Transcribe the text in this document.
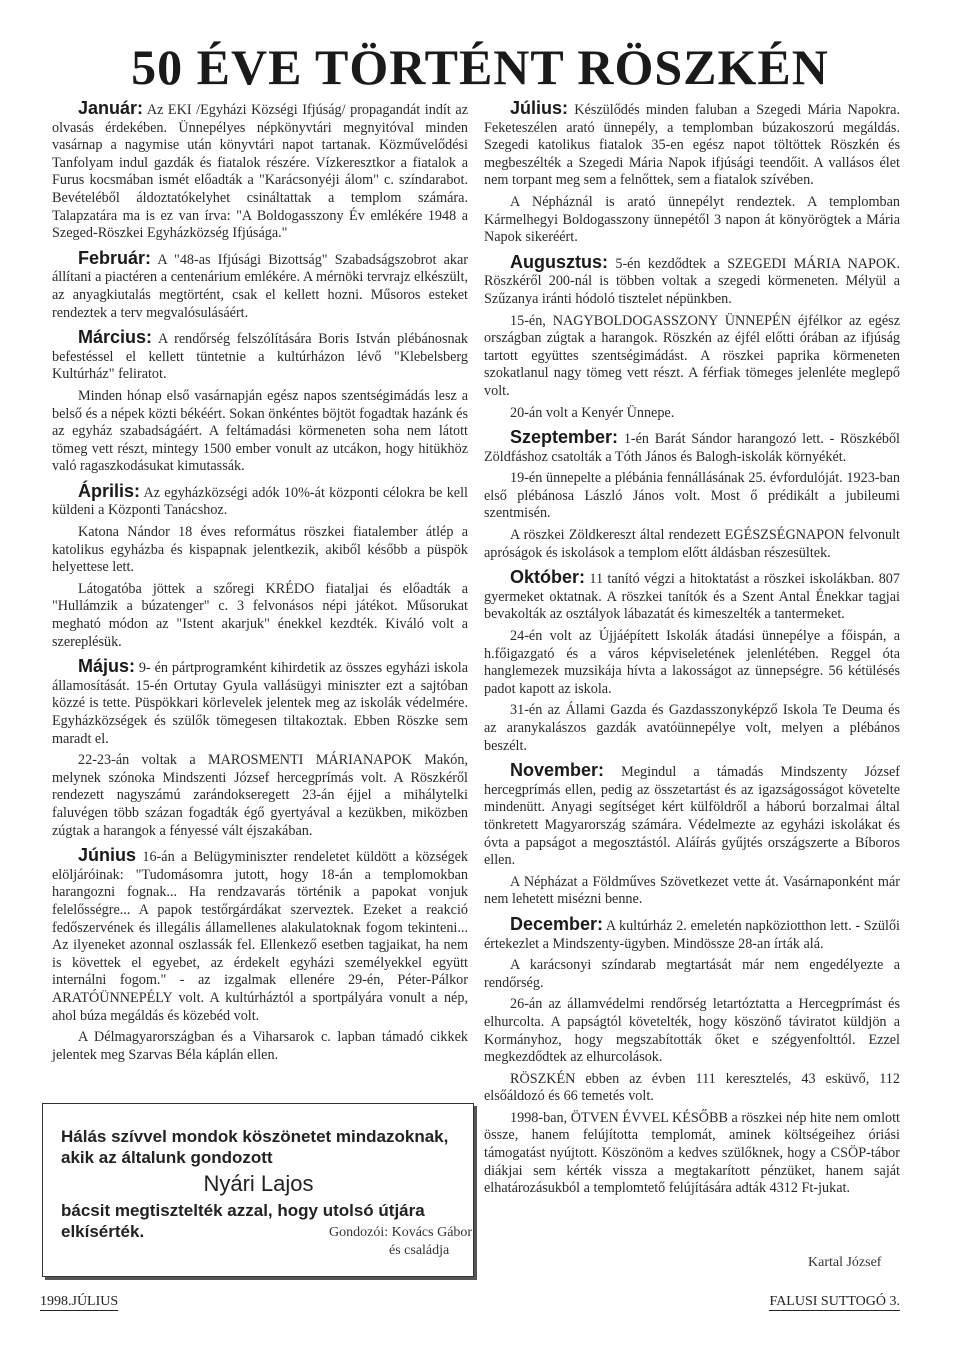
50 ÉVE TÖRTÉNT RÖSZKÉN

Január: Az EKI /Egyházi Községi Ifjúság/ propagandát indít az olvasás érdekében. Ünnepélyes népkönyvtári megnyitóval minden vasárnap a nagymise után könyvtári napot tartanak. Közművelődési Tanfolyam indul gazdák és fiatalok részére. Vízkeresztkor a fiatalok a Furus kocsmában ismét előadták a "Karácsonyéji álom" c. színdarabot. Bevételéből áldoztatókelyhet csináltattak a templom számára. Talapzatára ma is ez van írva: "A Boldogasszony Év emlékére 1948 a Szeged-Röszkei Egyházközség Ifjúsága."

Február: A "48-as Ifjúsági Bizottság" Szabadságszobrot akar állítani a piactéren a centenárium emlékére. A mérnöki tervrajz elkészült, az anyagkiutalás megtörtént, csak el kellett hozni. Műsoros esteket rendeztek a terv megvalósulásáért.

Március: A rendőrség felszólítására Boris István plébánosnak befestéssel el kellett tüntetnie a kultúrházon lévő "Klebelsberg Kultúrház" feliratot.

Minden hónap első vasárnapján egész napos szentségimádás lesz a belső és a népek közti békéért. Sokan önkéntes böjtöt fogadtak hazánk és az egyház szabadságáért. A feltámadási körmeneten soha nem látott tömeg vett részt, mintegy 1500 ember vonult az utcákon, hogy hitükhöz való ragaszkodásukat kimutassák.

Április: Az egyházközségi adók 10%-át központi célokra be kell küldeni a Központi Tanácshoz.

Katona Nándor 18 éves református röszkei fiatalember átlép a katolikus egyházba és kispapnak jelentkezik, akiből később a püspök helyettese lett.

Látogatóba jöttek a szőregi KRÉDO fiataljai és előadták a "Hullámzik a búzatenger" c. 3 felvonásos népi játékot. Műsorukat megható módon az "Istent akarjuk" énekkel kezdték. Kiváló volt a szereplésük.

Május: 9- én pártprogramként kihirdetik az összes egyházi iskola államosítását. 15-én Ortutay Gyula vallásügyi miniszter ezt a sajtóban közzé is tette. Püspökkari körlevelek jelentek meg az iskolák védelmére. Egyházközségek és szülők tömegesen tiltakoztak. Ebben Röszke sem maradt el.

22-23-án voltak a MAROSMENTI MÁRIANAPOK Makón, melynek szónoka Mindszenti József hercegprímás volt. A Röszkéről rendezett nagyszámú zarándokseregett 23-án éjjel a mihálytelki faluvégen több százan fogadták égő gyertyával a kezükben, miközben zúgtak a harangok a fényessé vált éjszakában.

Június 16-án a Belügyminiszter rendeletet küldött a községek elöljáróinak: "Tudomásomra jutott, hogy 18-án a templomokban harangozni fognak... Ha rendzavarás történik a papokat vonjuk felelősségre... A papok testőrgárdákat szerveztek. Ezeket a reakció fedőszervének és illegális államellenes alakulatoknak fogom tekinteni... Az ilyeneket azonnal oszlassák fel. Ellenkező esetben tagjaikat, ha nem is követtek el egyebet, az érdekelt egyházi személyekkel együtt internálni fogom." - az izgalmak ellenére 29-én, Péter-Pálkor ARATÓÜNNEPÉLY volt. A kultúrháztól a sportpályára vonult a nép, ahol búza megáldás és közebéd volt.

A Délmagyarországban és a Viharsarok c. lapban támadó cikkek jelentek meg Szarvas Béla káplán ellen.

Július: Készülődés minden faluban a Szegedi Mária Napokra. Feketeszélen arató ünnepély, a templomban búzakoszorú megáldás. Szegedi katolikus fiatalok 35-en egész napot töltöttek Röszkén és megbeszélték a Szegedi Mária Napok ifjúsági teendőit. A vallásos élet nem torpant meg sem a felnőttek, sem a fiatalok szívében.

A Népháznál is arató ünnepélyt rendeztek. A templomban Kármelhegyi Boldogasszony ünnepétől 3 napon át könyörögtek a Mária Napok sikeréért.

Augusztus: 5-én kezdődtek a SZEGEDI MÁRIA NAPOK. Röszkéről 200-nál is többen voltak a szegedi körmeneten. Mélyül a Szűzanya iránti hódoló tisztelet népünkben.

15-én, NAGYBOLDOGASSZONY ÜNNEPÉN éjfélkor az egész országban zúgtak a harangok. Röszkén az éjfél előtti órában az ifjúság tartott együttes szentségimádást. A röszkei paprika körmeneten szokatlanul nagy tömeg vett részt. A férfiak tömeges jelenléte meglepő volt.

20-án volt a Kenyér Ünnepe.

Szeptember: 1-én Barát Sándor harangozó lett. - Röszkéből Zöldfáshoz csatolták a Tóth János és Balogh-iskolák környékét.

19-én ünnepelte a plébánia fennállásának 25. évfordulóját. 1923-ban első plébánosa László János volt. Most ő prédikált a jubileumi szentmisén.

A röszkei Zöldkereszt által rendezett EGÉSZSÉGNAPON felvonult apróságok és iskolások a templom előtt áldásban részesültek.

Október: 11 tanító végzi a hitoktatást a röszkei iskolákban. 807 gyermeket oktatnak. A röszkei tanítók és a Szent Antal Énekkar tagjai bevakolták az osztályok lábazatát és kimeszelték a tantermeket.

24-én volt az Újjáépített Iskolák átadási ünnepélye a főispán, a h.főigazgató és a város képviseletének jelenlétében. Reggel óta hanglemezek muzsikája hívta a lakosságot az ünnepségre. 56 kétülésés padot kapott az iskola.

31-én az Állami Gazda és Gazdasszonyképző Iskola Te Deuma és az aranykalászos gazdák avatóünnepélye volt, melyen a plébános beszélt.

November: Megindul a támadás Mindszenty József hercegprímás ellen, pedig az összetartást és az igazságosságot követelte mindenütt. Anyagi segítséget kért külföldről a háború borzalmai által tönkretett Magyarország számára. Védelmezte az egyházi iskolákat és óvta a papságot a megosztástól. Aláírás gyűjtés országszerte a Bíboros ellen.

A Népházat a Földműves Szövetkezet vette át. Vasárnaponként már nem lehetett misézni benne.

December: A kultúrház 2. emeletén napköziotthon lett. - Szülői értekezlet a Mindszenty-ügyben. Mindössze 28-an írták alá.

A karácsonyi színdarab megtartását már nem engedélyezte a rendőrség.

26-án az államvédelmi rendőrség letartóztatta a Hercegprímást és elhurcolta. A papságtól követelték, hogy köszönő táviratot küldjön a Kormányhoz, hogy megszabították őket e szégyenfolttól. Ezzel megkezdődtek az elhurcolások.

RÖSZKÉN ebben az évben 111 keresztelés, 43 esküvő, 112 elsőáldozó és 66 temetés volt.

1998-ban, ÖTVEN ÉVVEL KÉSŐBB a röszkei nép hite nem omlott össze, hanem felújította templomát, aminek költségeihez óriási támogatást nyújtott. Köszönöm a kedves szülőknek, hogy a CSÖP-tábor diákjai sem kérték vissza a megtakarított pénzüket, hanem saját elhatározásukból a templomtető felújítására adták 4312 Ft-jukat.

Kartal József
Hálás szívvel mondok köszönetet mindazoknak, akik az általunk gondozott
Nyári Lajos
bácsit megtisztelték azzal, hogy utolsó útjára elkísérték.	Gondozói: Kovács Gábor
és családja
1998.JÚLIUS	FALUSI SUTTOGÓ 3.
